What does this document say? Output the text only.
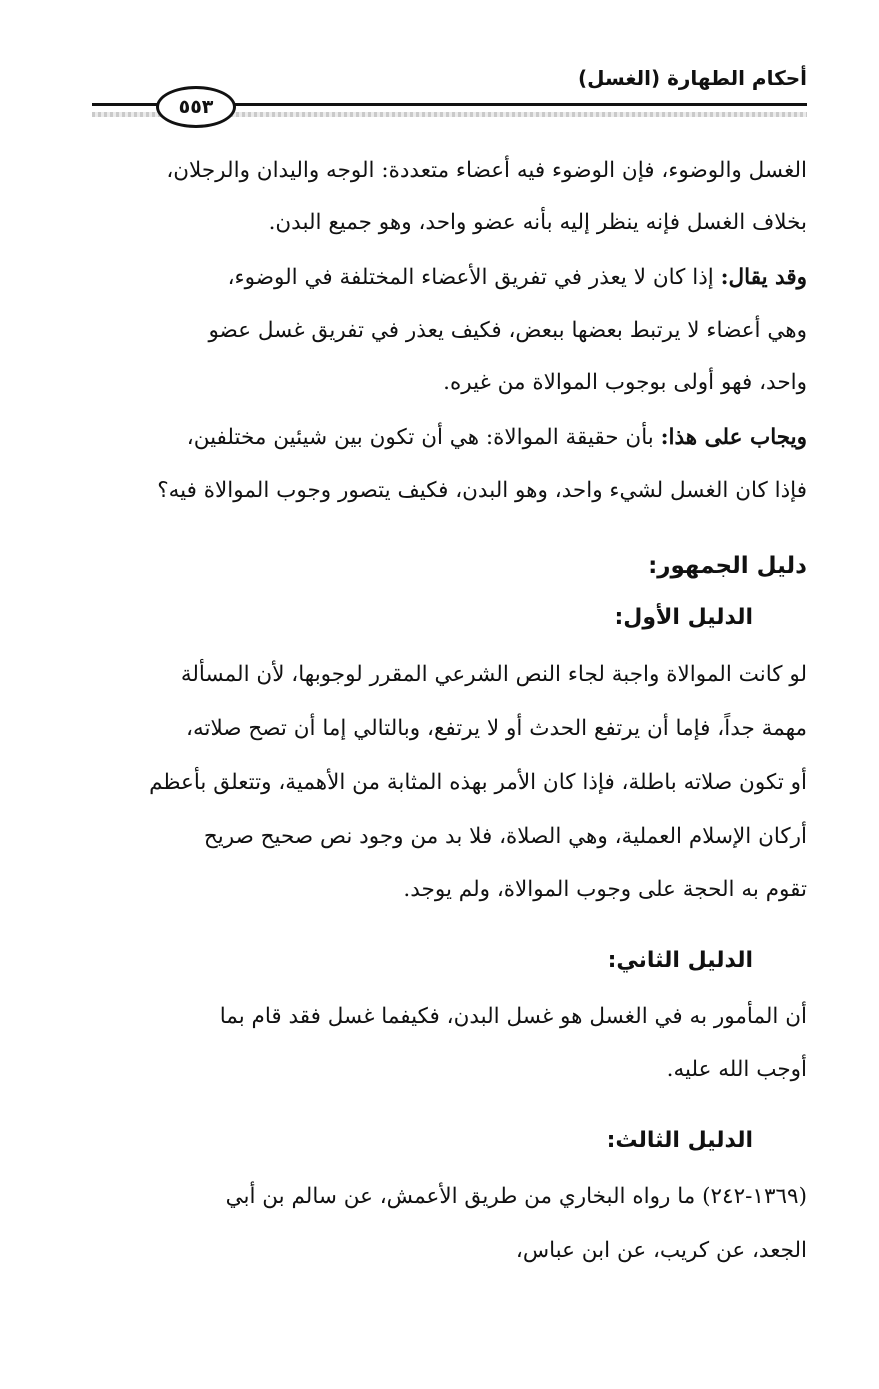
أحكام الطهارة (الغسل)
٥٥٣

الغسل والوضوء، فإن الوضوء فيه أعضاء متعددة: الوجه واليدان والرجلان،

بخلاف الغسل فإنه ينظر إليه بأنه عضو واحد، وهو جميع البدن.

وقد يقال: إذا كان لا يعذر في تفريق الأعضاء المختلفة في الوضوء،

وهي أعضاء لا يرتبط بعضها ببعض، فكيف يعذر في تفريق غسل عضو

واحد، فهو أولى بوجوب الموالاة من غيره.

ويجاب على هذا: بأن حقيقة الموالاة: هي أن تكون بين شيئين مختلفين،

فإذا كان الغسل لشيء واحد، وهو البدن، فكيف يتصور وجوب الموالاة فيه؟

دليل الجمهور:
الدليل الأول:

لو كانت الموالاة واجبة لجاء النص الشرعي المقرر لوجوبها، لأن المسألة

مهمة جداً، فإما أن يرتفع الحدث أو لا يرتفع، وبالتالي إما أن تصح صلاته،

أو تكون صلاته باطلة، فإذا كان الأمر بهذه المثابة من الأهمية، وتتعلق بأعظم

أركان الإسلام العملية، وهي الصلاة، فلا بد من وجود نص صحيح صريح

تقوم به الحجة على وجوب الموالاة، ولم يوجد.

الدليل الثاني:

أن المأمور به في الغسل هو غسل البدن، فكيفما غسل فقد قام بما

أوجب الله عليه.

الدليل الثالث:

(١٣٦٩-٢٤٢) ما رواه البخاري من طريق الأعمش، عن سالم بن أبي

الجعد، عن كريب، عن ابن عباس،
